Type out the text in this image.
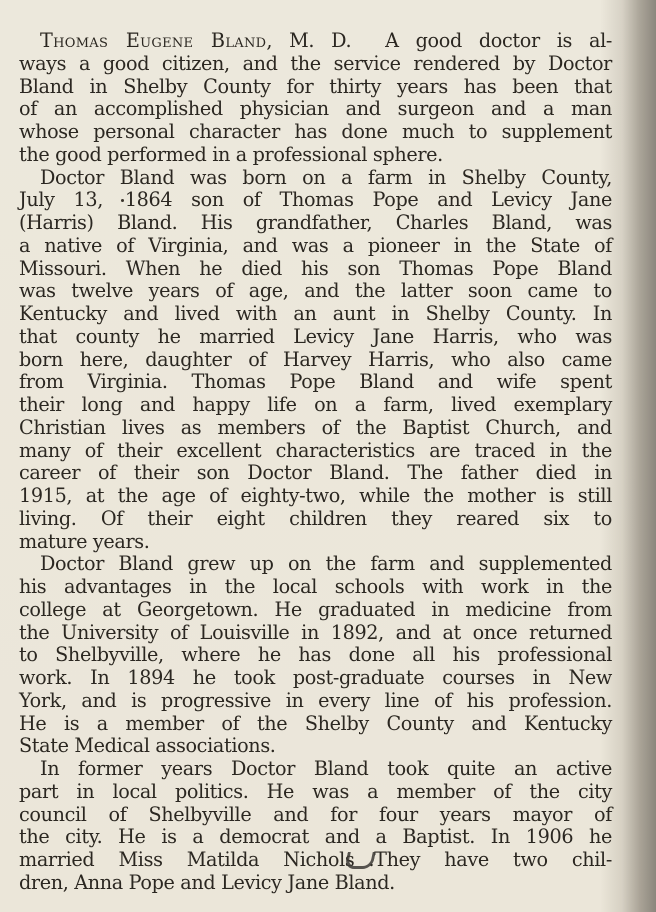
Thomas Eugene Bland, M. D. A good doctor is al-
ways a good citizen, and the service rendered by Doctor
Bland in Shelby County for thirty years has been that
of an accomplished physician and surgeon and a man
whose personal character has done much to supplement
the good performed in a professional sphere.
Doctor Bland was born on a farm in Shelby County,
July 13, 1864 son of Thomas Pope and Levicy Jane
(Harris) Bland. His grandfather, Charles Bland, was
a native of Virginia, and was a pioneer in the State of
Missouri. When he died his son Thomas Pope Bland
was twelve years of age, and the latter soon came to
Kentucky and lived with an aunt in Shelby County. In
that county he married Levicy Jane Harris, who was
born here, daughter of Harvey Harris, who also came
from Virginia. Thomas Pope Bland and wife spent
their long and happy life on a farm, lived exemplary
Christian lives as members of the Baptist Church, and
many of their excellent characteristics are traced in the
career of their son Doctor Bland. The father died in
1915, at the age of eighty-two, while the mother is still
living. Of their eight children they reared six to
mature years.
Doctor Bland grew up on the farm and supplemented
his advantages in the local schools with work in the
college at Georgetown. He graduated in medicine from
the University of Louisville in 1892, and at once returned
to Shelbyville, where he has done all his professional
work. In 1894 he took post-graduate courses in New
York, and is progressive in every line of his profession.
He is a member of the Shelby County and Kentucky
State Medical associations.
In former years Doctor Bland took quite an active
part in local politics. He was a member of the city
council of Shelbyville and for four years mayor of
the city. He is a democrat and a Baptist. In 1906 he
married Miss Matilda Nichols .They have two chil-
dren, Anna Pope and Levicy Jane Bland.
